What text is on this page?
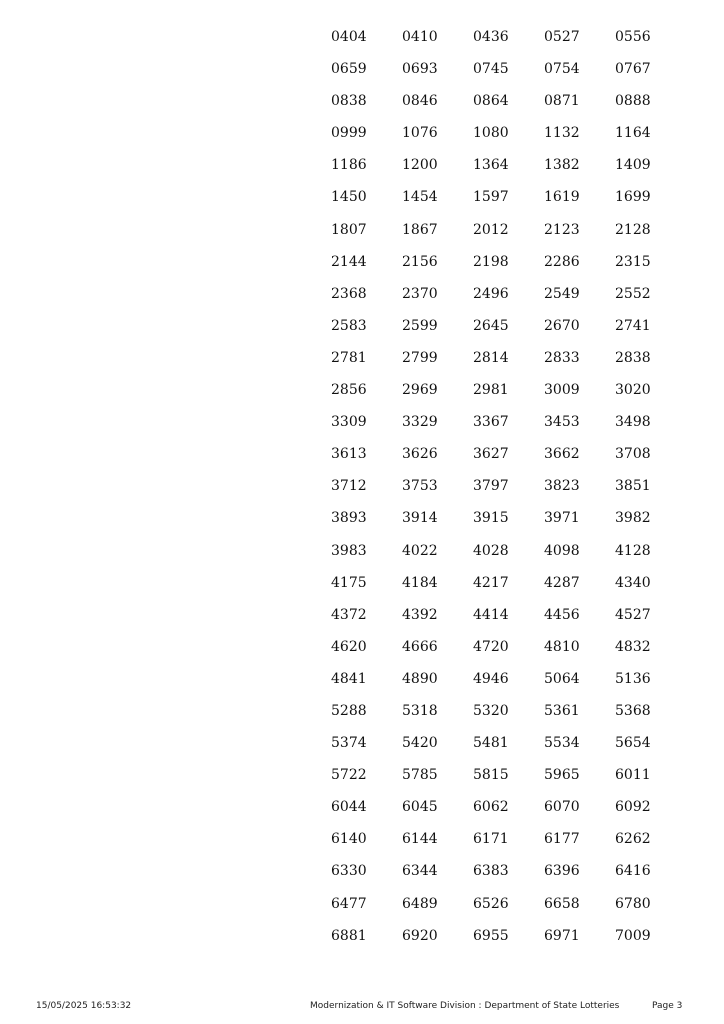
0404	0410	0436	0527	0556
0659	0693	0745	0754	0767
0838	0846	0864	0871	0888
0999	1076	1080	1132	1164
1186	1200	1364	1382	1409
1450	1454	1597	1619	1699
1807	1867	2012	2123	2128
2144	2156	2198	2286	2315
2368	2370	2496	2549	2552
2583	2599	2645	2670	2741
2781	2799	2814	2833	2838
2856	2969	2981	3009	3020
3309	3329	3367	3453	3498
3613	3626	3627	3662	3708
3712	3753	3797	3823	3851
3893	3914	3915	3971	3982
3983	4022	4028	4098	4128
4175	4184	4217	4287	4340
4372	4392	4414	4456	4527
4620	4666	4720	4810	4832
4841	4890	4946	5064	5136
5288	5318	5320	5361	5368
5374	5420	5481	5534	5654
5722	5785	5815	5965	6011
6044	6045	6062	6070	6092
6140	6144	6171	6177	6262
6330	6344	6383	6396	6416
6477	6489	6526	6658	6780
6881	6920	6955	6971	7009
15/05/2025 16:53:32	Modernization & IT Software Division : Department of State Lotteries	Page 3
